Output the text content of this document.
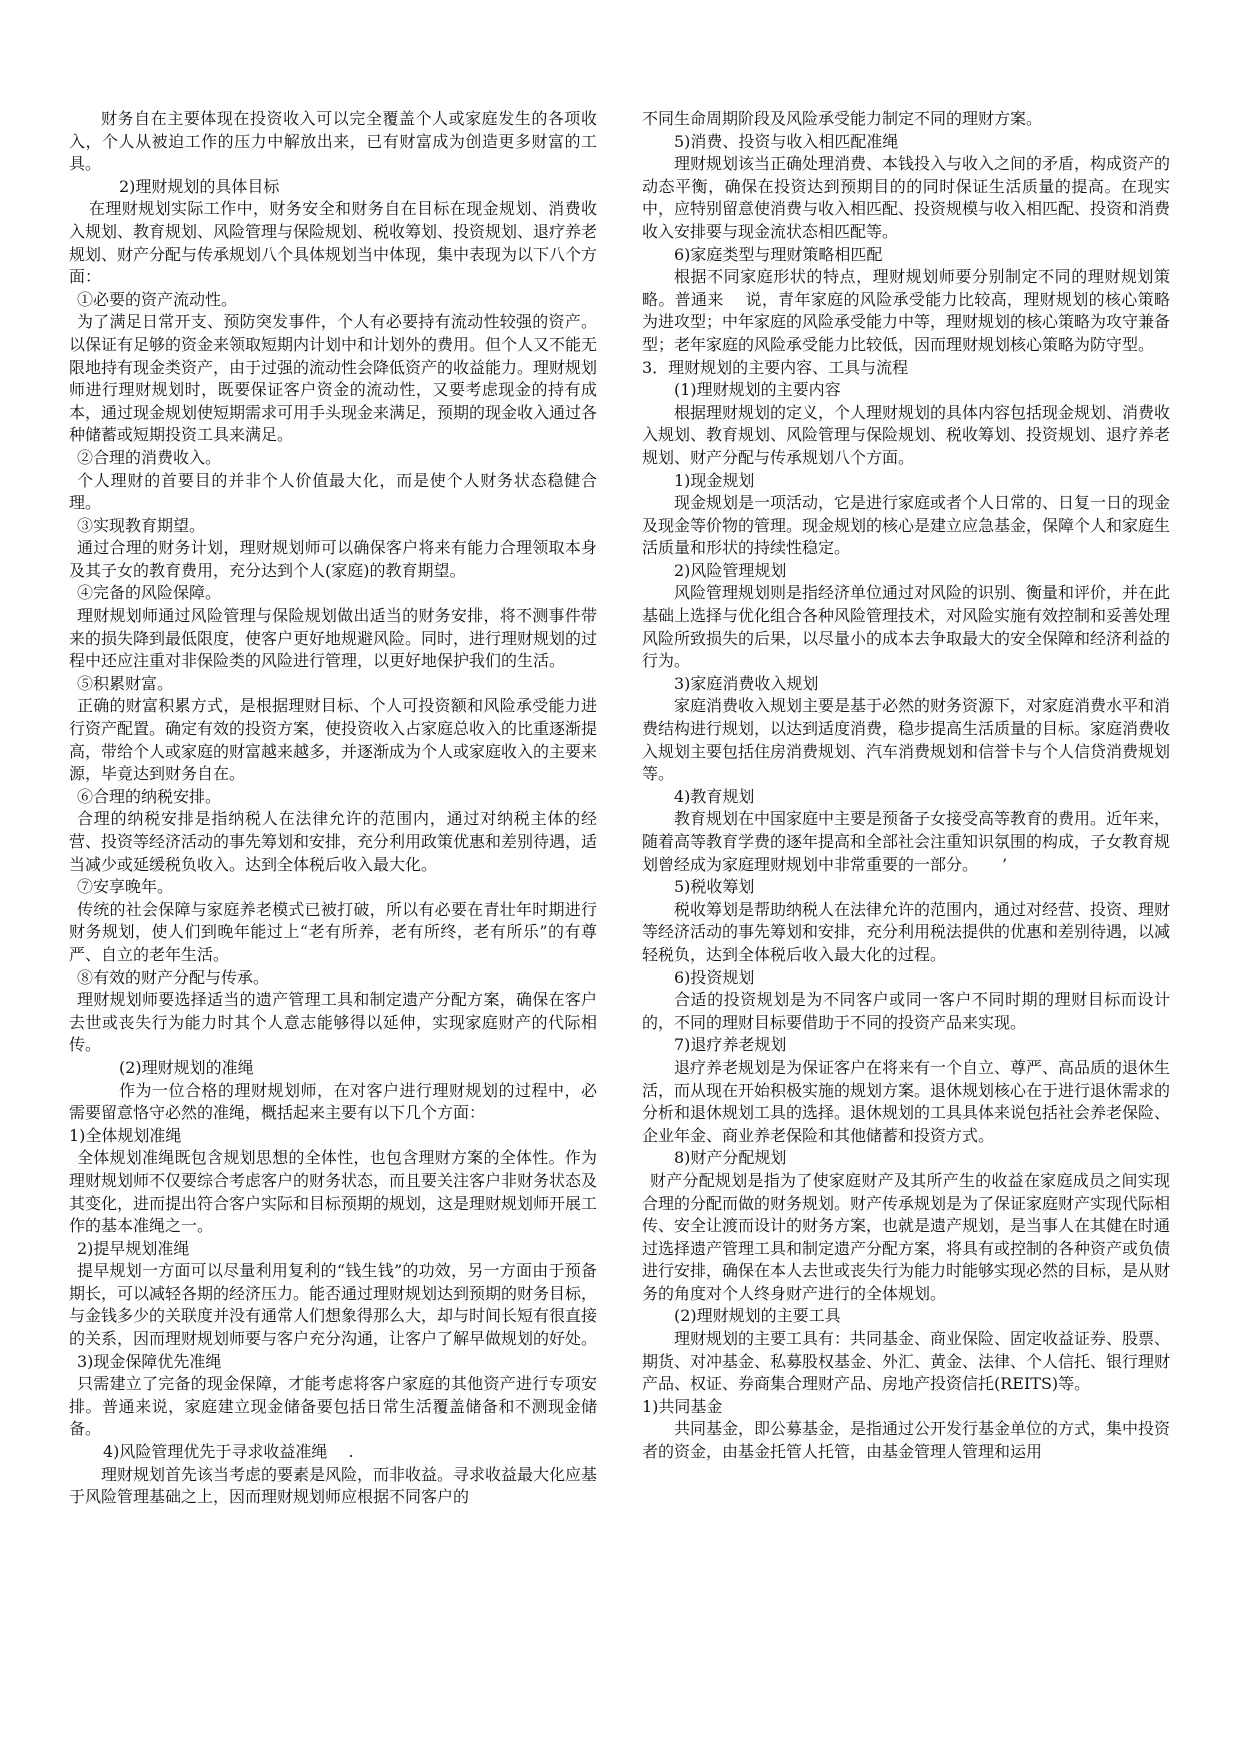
财务自在主要体现在投资收入可以完全覆盖个人或家庭发生的各项收入，个人从被迫工作的压力中解放出来，已有财富成为创造更多财富的工具。

2)理财规划的具体目标

在理财规划实际工作中，财务安全和财务自在目标在现金规划、消费收入规划、教育规划、风险管理与保险规划、税收筹划、投资规划、退疗养老规划、财产分配与传承规划八个具体规划当中体现，集中表现为以下八个方面：

①必要的资产流动性。

为了满足日常开支、预防突发事件，个人有必要持有流动性较强的资产。以保证有足够的资金来领取短期内计划中和计划外的费用。但个人又不能无限地持有现金类资产，由于过强的流动性会降低资产的收益能力。理财规划师进行理财规划时，既要保证客户资金的流动性，又要考虑现金的持有成本，通过现金规划使短期需求可用手头现金来满足，预期的现金收入通过各种储蓄或短期投资工具来满足。

②合理的消费收入。

个人理财的首要目的并非个人价值最大化，而是使个人财务状态稳健合理。

③实现教育期望。

通过合理的财务计划，理财规划师可以确保客户将来有能力合理领取本身及其子女的教育费用，充分达到个人(家庭)的教育期望。

④完备的风险保障。

理财规划师通过风险管理与保险规划做出适当的财务安排，将不测事件带来的损失降到最低限度，使客户更好地规避风险。同时，进行理财规划的过程中还应注重对非保险类的风险进行管理，以更好地保护我们的生活。

⑤积累财富。

正确的财富积累方式，是根据理财目标、个人可投资额和风险承受能力进行资产配置。确定有效的投资方案，使投资收入占家庭总收入的比重逐渐提高，带给个人或家庭的财富越来越多，并逐渐成为个人或家庭收入的主要来源，毕竟达到财务自在。

⑥合理的纳税安排。

合理的纳税安排是指纳税人在法律允许的范围内，通过对纳税主体的经营、投资等经济活动的事先筹划和安排，充分利用政策优惠和差别待遇，适当减少或延缓税负收入。达到全体税后收入最大化。

⑦安享晚年。

传统的社会保障与家庭养老模式已被打破，所以有必要在青壮年时期进行财务规划，使人们到晚年能过上“老有所养，老有所终，老有所乐”的有尊严、自立的老年生活。

⑧有效的财产分配与传承。

理财规划师要选择适当的遗产管理工具和制定遗产分配方案，确保在客户去世或丧失行为能力时其个人意志能够得以延伸，实现家庭财产的代际相传。

(2)理财规划的准绳

作为一位合格的理财规划师，在对客户进行理财规划的过程中，必需要留意恪守必然的准绳，概括起来主要有以下几个方面：

1)全体规划准绳

全体规划准绳既包含规划思想的全体性，也包含理财方案的全体性。作为理财规划师不仅要综合考虑客户的财务状态，而且要关注客户非财务状态及其变化，进而提出符合客户实际和目标预期的规划，这是理财规划师开展工作的基本准绳之一。

2)提早规划准绳

提早规划一方面可以尽量利用复利的“钱生钱”的功效，另一方面由于预备期长，可以减轻各期的经济压力。能否通过理财规划达到预期的财务目标，与金钱多少的关联度并没有通常人们想象得那么大，却与时间长短有很直接的关系，因而理财规划师要与客户充分沟通，让客户了解早做规划的好处。

3)现金保障优先准绳

只需建立了完备的现金保障，才能考虑将客户家庭的其他资产进行专项安排。普通来说，家庭建立现金储备要包括日常生活覆盖储备和不测现金储备。

4)风险管理优先于寻求收益准绳　 .

理财规划首先该当考虑的要素是风险，而非收益。寻求收益最大化应基于风险管理基础之上，因而理财规划师应根据不同客户的

不同生命周期阶段及风险承受能力制定不同的理财方案。

5)消费、投资与收入相匹配准绳

理财规划该当正确处理消费、本钱投入与收入之间的矛盾，构成资产的动态平衡，确保在投资达到预期目的的同时保证生活质量的提高。在现实中，应特别留意使消费与收入相匹配、投资规模与收入相匹配、投资和消费收入安排要与现金流状态相匹配等。

6)家庭类型与理财策略相匹配

根据不同家庭形状的特点，理财规划师要分别制定不同的理财规划策略。普通来　 说，青年家庭的风险承受能力比较高，理财规划的核心策略为进攻型；中年家庭的风险承受能力中等，理财规划的核心策略为攻守兼备型；老年家庭的风险承受能力比较低，因而理财规划核心策略为防守型。

3．理财规划的主要内容、工具与流程

(1)理财规划的主要内容

根据理财规划的定义，个人理财规划的具体内容包括现金规划、消费收入规划、教育规划、风险管理与保险规划、税收筹划、投资规划、退疗养老规划、财产分配与传承规划八个方面。

1)现金规划

现金规划是一项活动，它是进行家庭或者个人日常的、日复一日的现金及现金等价物的管理。现金规划的核心是建立应急基金，保障个人和家庭生活质量和形状的持续性稳定。

2)风险管理规划

风险管理规划则是指经济单位通过对风险的识别、衡量和评价，并在此基础上选择与优化组合各种风险管理技术，对风险实施有效控制和妥善处理风险所致损失的后果，以尽量小的成本去争取最大的安全保障和经济利益的行为。

3)家庭消费收入规划

家庭消费收入规划主要是基于必然的财务资源下，对家庭消费水平和消费结构进行规划，以达到适度消费，稳步提高生活质量的目标。家庭消费收入规划主要包括住房消费规划、汽车消费规划和信誉卡与个人信贷消费规划等。

4)教育规划

教育规划在中国家庭中主要是预备子女接受高等教育的费用。近年来，随着高等教育学费的逐年提高和全部社会注重知识氛围的构成，子女教育规划曾经成为家庭理财规划中非常重要的一部分。　　’

5)税收筹划

税收筹划是帮助纳税人在法律允许的范围内，通过对经营、投资、理财等经济活动的事先筹划和安排，充分利用税法提供的优惠和差别待遇，以减轻税负，达到全体税后收入最大化的过程。

6)投资规划

合适的投资规划是为不同客户或同一客户不同时期的理财目标而设计的，不同的理财目标要借助于不同的投资产品来实现。

7)退疗养老规划

退疗养老规划是为保证客户在将来有一个自立、尊严、高品质的退休生活，而从现在开始积极实施的规划方案。退休规划核心在于进行退休需求的分析和退休规划工具的选择。退休规划的工具具体来说包括社会养老保险、企业年金、商业养老保险和其他储蓄和投资方式。

8)财产分配规划

财产分配规划是指为了使家庭财产及其所产生的收益在家庭成员之间实现合理的分配而做的财务规划。财产传承规划是为了保证家庭财产实现代际相传、安全让渡而设计的财务方案，也就是遗产规划，是当事人在其健在时通过选择遗产管理工具和制定遗产分配方案，将具有或控制的各种资产或负债进行安排，确保在本人去世或丧失行为能力时能够实现必然的目标，是从财务的角度对个人终身财产进行的全体规划。

(2)理财规划的主要工具

理财规划的主要工具有：共同基金、商业保险、固定收益证券、股票、期货、对冲基金、私募股权基金、外汇、黄金、法律、个人信托、银行理财产品、权证、券商集合理财产品、房地产投资信托(REITS)等。

1)共同基金

共同基金，即公募基金，是指通过公开发行基金单位的方式，集中投资者的资金，由基金托管人托管，由基金管理人管理和运用
